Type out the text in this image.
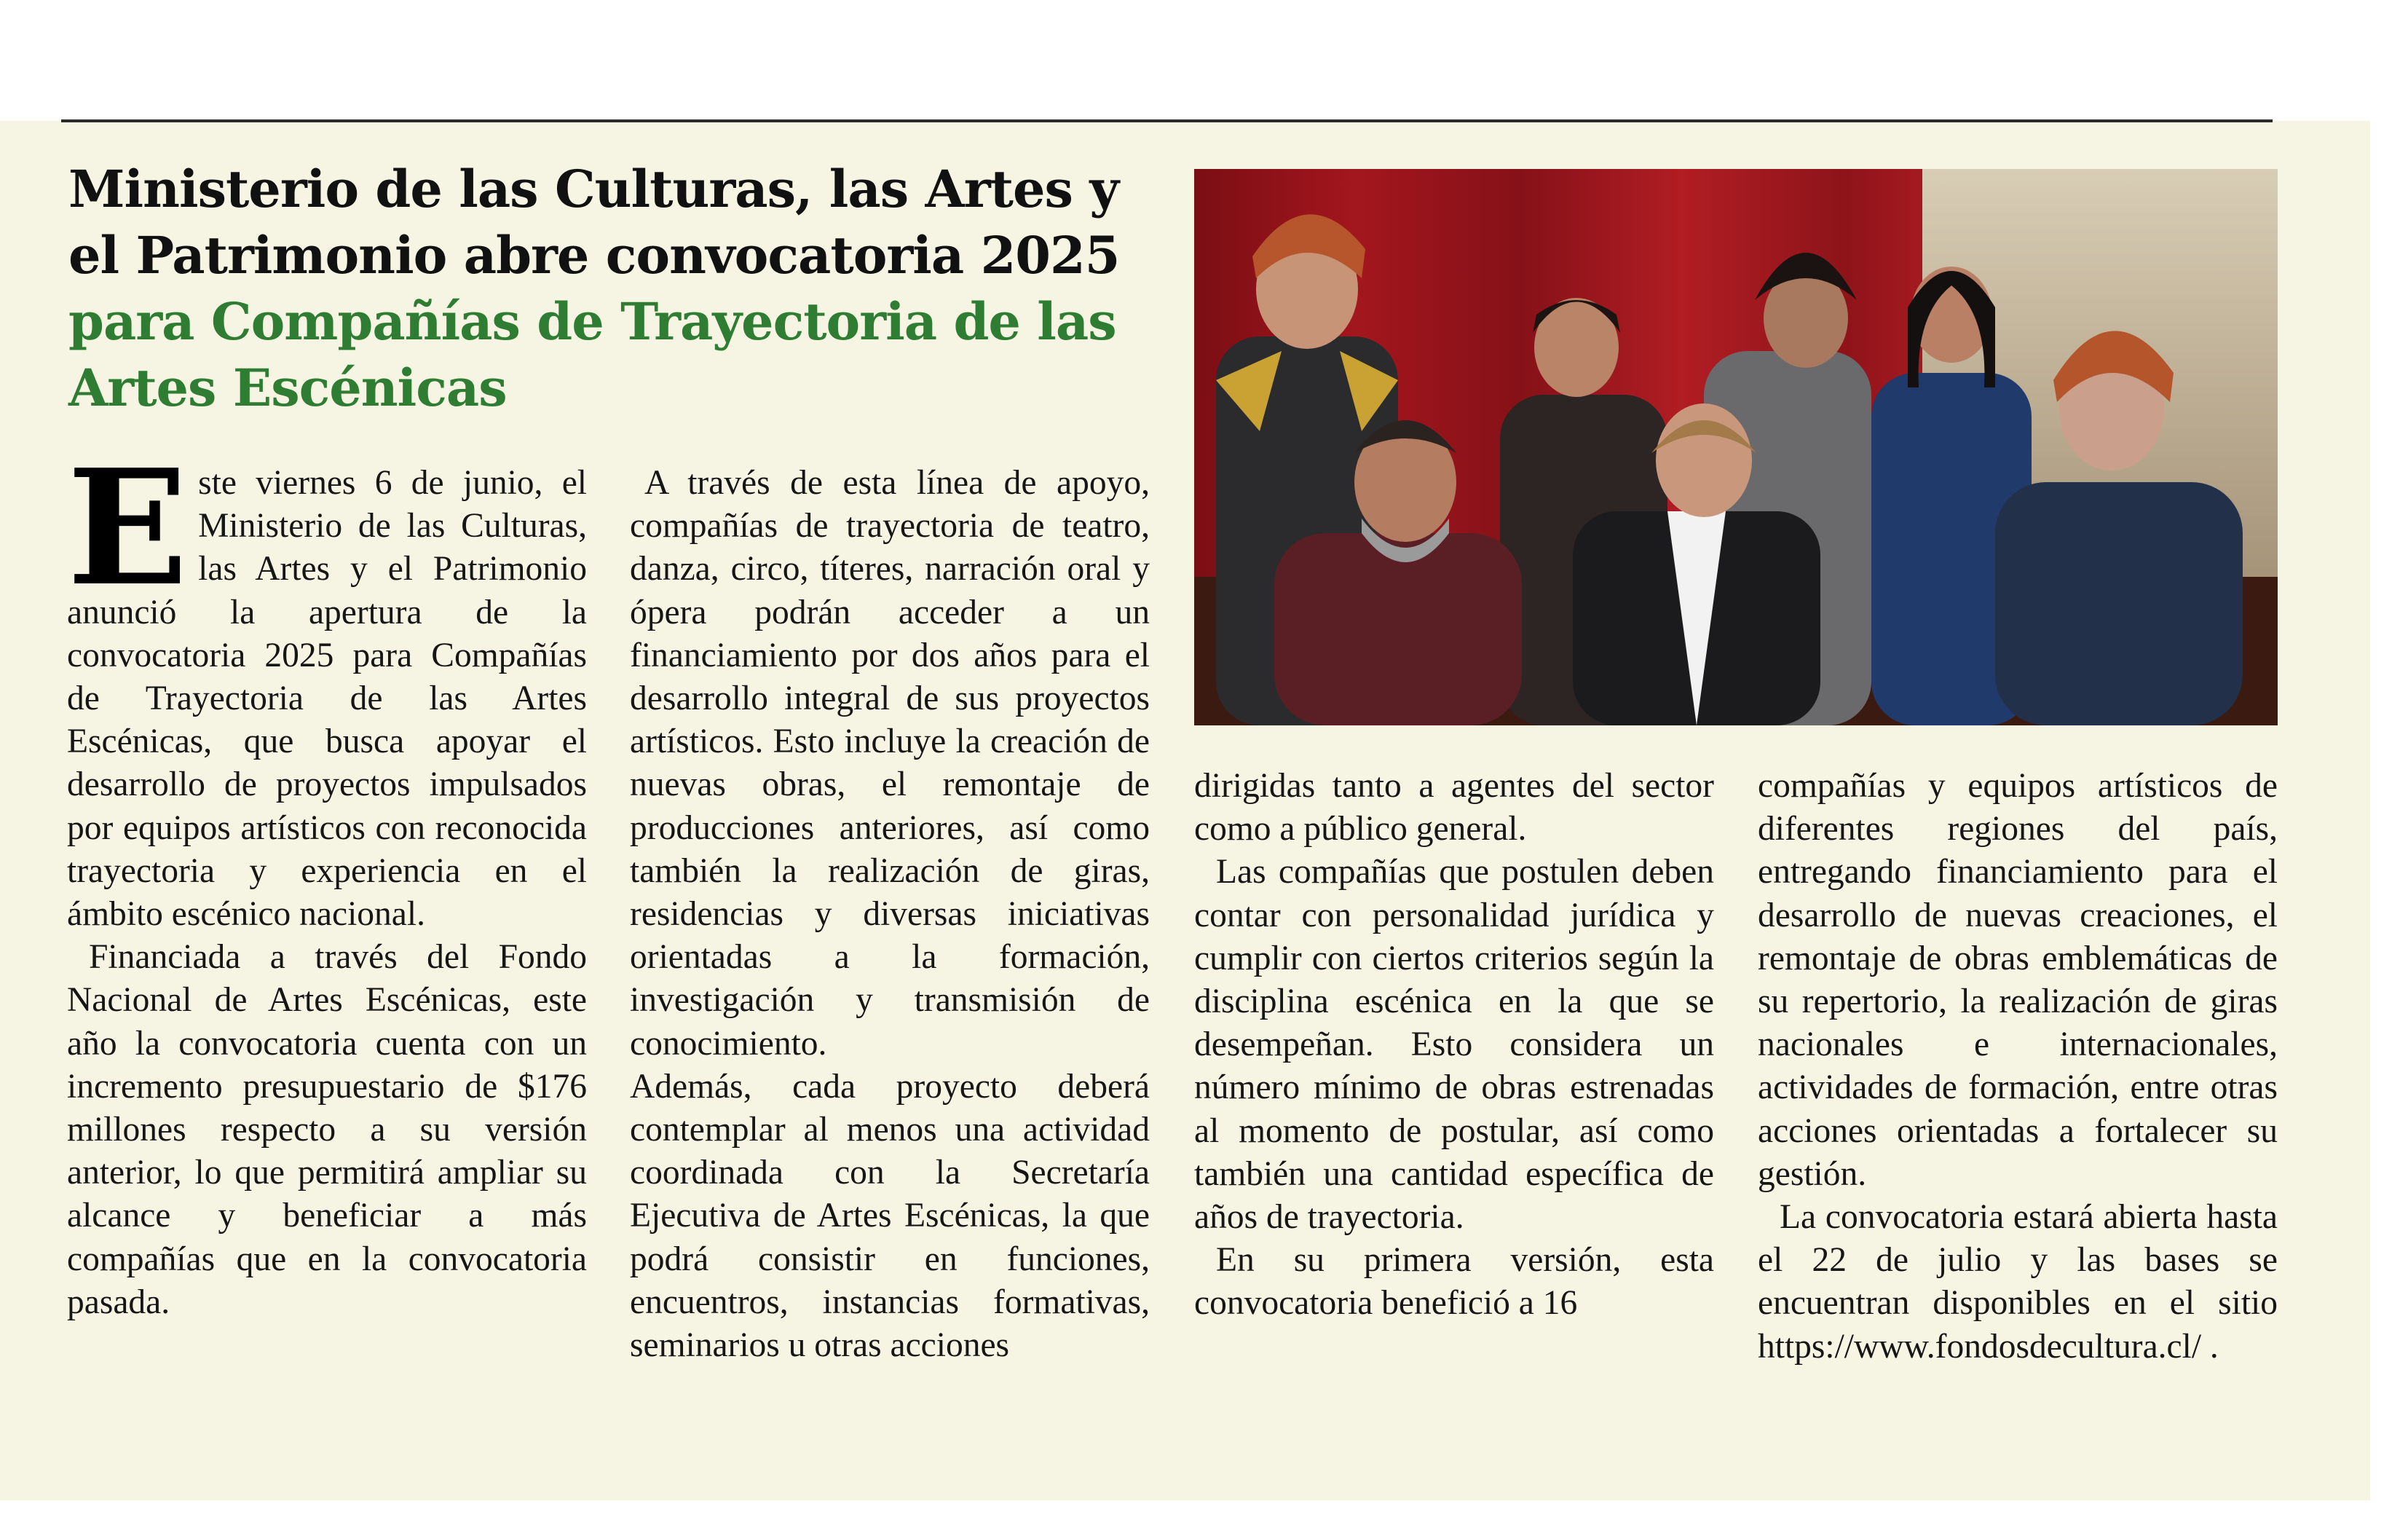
Ministerio de las Culturas, las Artes y el Patrimonio abre convocatoria 2025 para Compañías de Trayectoria de las Artes Escénicas

Este viernes 6 de junio, el Ministerio de las Culturas, las Artes y el Patrimonio anunció la apertura de la convocatoria 2025 para Compañías de Trayectoria de las Artes Escénicas, que busca apoyar el desarrollo de proyectos impulsados por equipos artísticos con reconocida trayectoria y experiencia en el ámbito escénico nacional.

Financiada a través del Fondo Nacional de Artes Escénicas, este año la convocatoria cuenta con un incremento presupuestario de $176 millones respecto a su versión anterior, lo que permitirá ampliar su alcance y beneficiar a más compañías que en la convocatoria pasada.

A través de esta línea de apoyo, compañías de trayectoria de teatro, danza, circo, títeres, narración oral y ópera podrán acceder a un financiamiento por dos años para el desarrollo integral de sus proyectos artísticos. Esto incluye la creación de nuevas obras, el remontaje de producciones anteriores, así como también la realización de giras, residencias y diversas iniciativas orientadas a la formación, investigación y transmisión de conocimiento.

Además, cada proyecto deberá contemplar al menos una actividad coordinada con la Secretaría Ejecutiva de Artes Escénicas, la que podrá consistir en funciones, encuentros, instancias formativas, seminarios u otras acciones

dirigidas tanto a agentes del sector como a público general.

Las compañías que postulen deben contar con personalidad jurídica y cumplir con ciertos criterios según la disciplina escénica en la que se desempeñan. Esto considera un número mínimo de obras estrenadas al momento de postular, así como también una cantidad específica de años de trayectoria.

En su primera versión, esta convocatoria benefició a 16

compañías y equipos artísticos de diferentes regiones del país, entregando financiamiento para el desarrollo de nuevas creaciones, el remontaje de obras emblemáticas de su repertorio, la realización de giras nacionales e internacionales, actividades de formación, entre otras acciones orientadas a fortalecer su gestión.

La convocatoria estará abierta hasta el 22 de julio y las bases se encuentran disponibles en el sitio https://www.fondosdecultura.cl/ .
